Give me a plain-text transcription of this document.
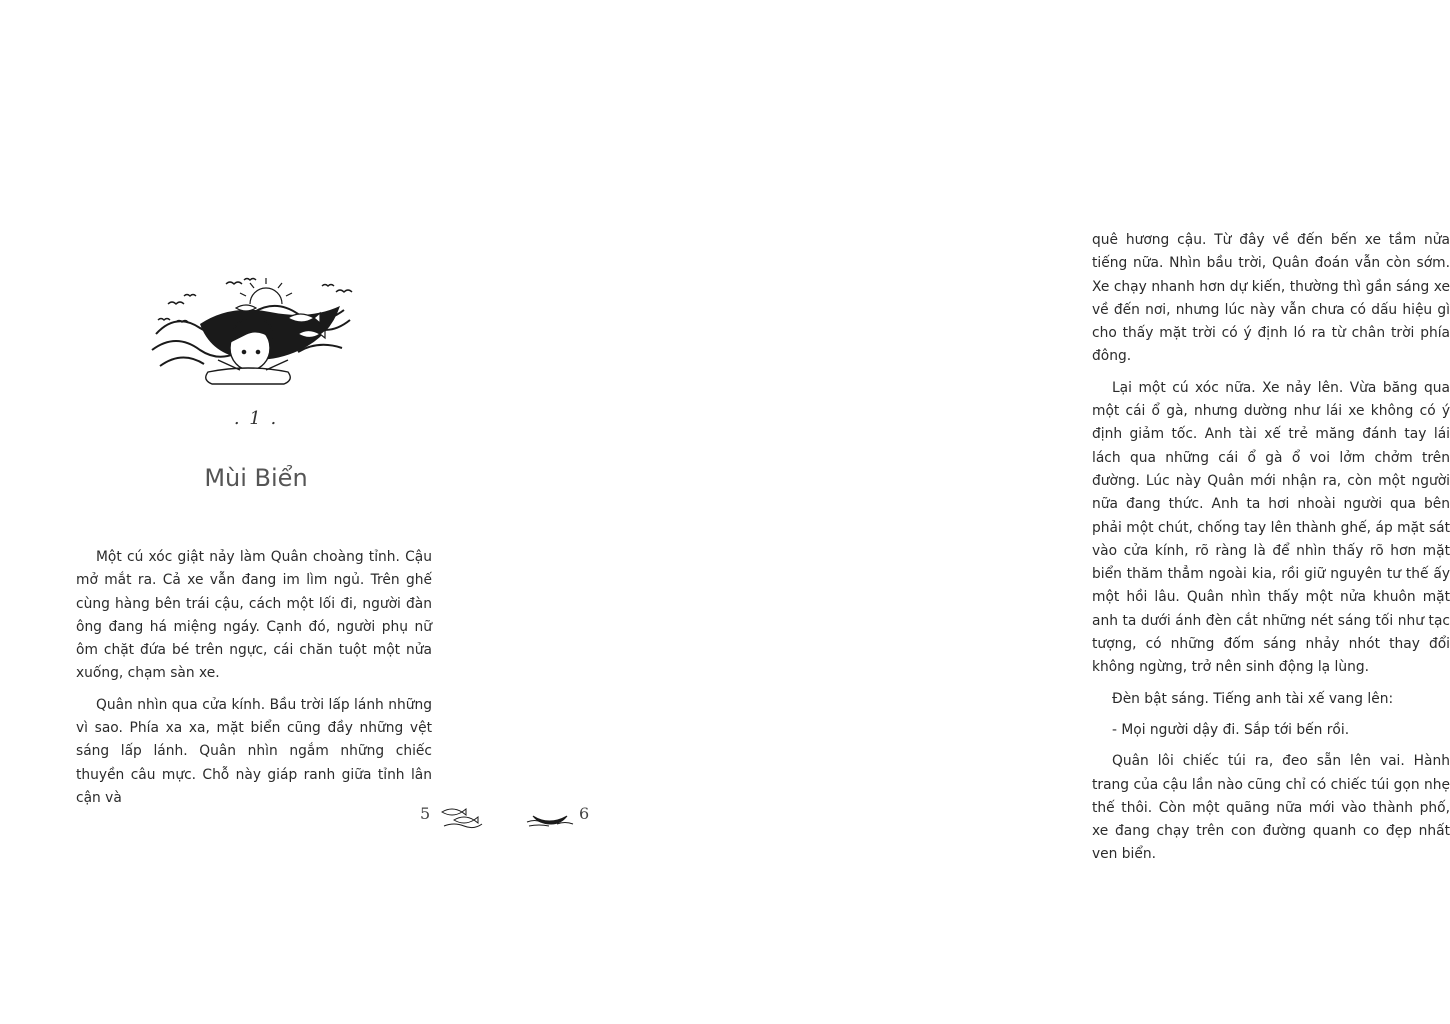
. 1 .
Mùi Biển

Một cú xóc giật nảy làm Quân choàng tỉnh. Cậu mở mắt ra. Cả xe vẫn đang im lìm ngủ. Trên ghế cùng hàng bên trái cậu, cách một lối đi, người đàn ông đang há miệng ngáy. Cạnh đó, người phụ nữ ôm chặt đứa bé trên ngực, cái chăn tuột một nửa xuống, chạm sàn xe.

Quân nhìn qua cửa kính. Bầu trời lấp lánh những vì sao. Phía xa xa, mặt biển cũng đầy những vệt sáng lấp lánh. Quân nhìn ngắm những chiếc thuyền câu mực. Chỗ này giáp ranh giữa tỉnh lân cận và

5

quê hương cậu. Từ đây về đến bến xe tầm nửa tiếng nữa. Nhìn bầu trời, Quân đoán vẫn còn sớm. Xe chạy nhanh hơn dự kiến, thường thì gần sáng xe về đến nơi, nhưng lúc này vẫn chưa có dấu hiệu gì cho thấy mặt trời có ý định ló ra từ chân trời phía đông.

Lại một cú xóc nữa. Xe nảy lên. Vừa băng qua một cái ổ gà, nhưng dường như lái xe không có ý định giảm tốc. Anh tài xế trẻ măng đánh tay lái lách qua những cái ổ gà ổ voi lởm chởm trên đường. Lúc này Quân mới nhận ra, còn một người nữa đang thức. Anh ta hơi nhoài người qua bên phải một chút, chống tay lên thành ghế, áp mặt sát vào cửa kính, rõ ràng là để nhìn thấy rõ hơn mặt biển thăm thẳm ngoài kia, rồi giữ nguyên tư thế ấy một hồi lâu. Quân nhìn thấy một nửa khuôn mặt anh ta dưới ánh đèn cắt những nét sáng tối như tạc tượng, có những đốm sáng nhảy nhót thay đổi không ngừng, trở nên sinh động lạ lùng.

Đèn bật sáng. Tiếng anh tài xế vang lên:

- Mọi người dậy đi. Sắp tới bến rồi.

Quân lôi chiếc túi ra, đeo sẵn lên vai. Hành trang của cậu lần nào cũng chỉ có chiếc túi gọn nhẹ thế thôi. Còn một quãng nữa mới vào thành phố, xe đang chạy trên con đường quanh co đẹp nhất ven biển.

6
